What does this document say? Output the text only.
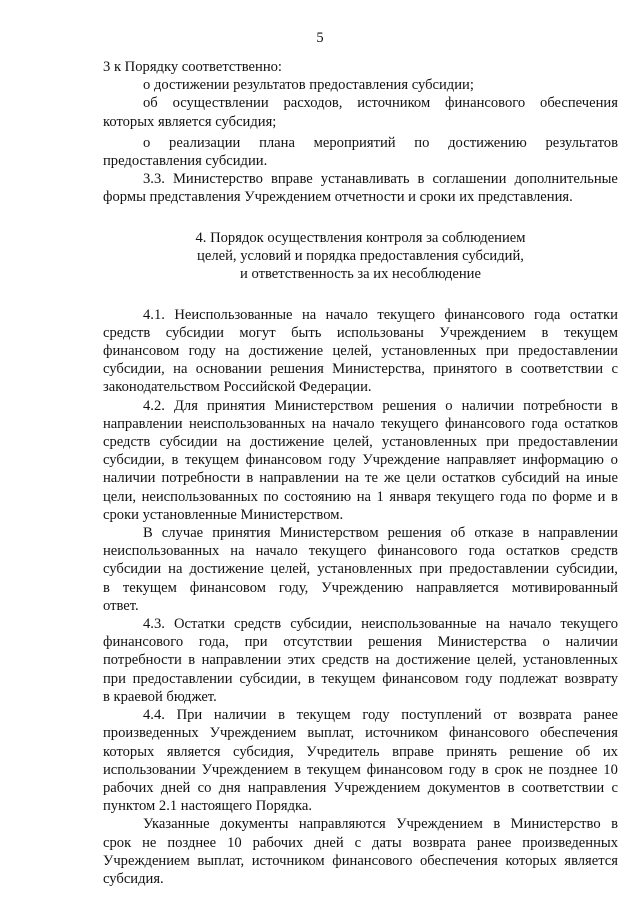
5
3 к Порядку соответственно:
о достижении результатов предоставления субсидии;
об осуществлении расходов, источником финансового обеспечения
которых является субсидия;
о реализации плана мероприятий по достижению результатов
предоставления субсидии.
3.3. Министерство вправе устанавливать в соглашении дополнительные
формы представления Учреждением отчетности и сроки их представления.
4. Порядок осуществления контроля за соблюдением
целей, условий и порядка предоставления субсидий,
и ответственность за их несоблюдение
4.1. Неиспользованные на начало текущего финансового года остатки
средств субсидии могут быть использованы Учреждением в текущем
финансовом году на достижение целей, установленных при предоставлении
субсидии, на основании решения Министерства, принятого в соответствии с
законодательством Российской Федерации.
4.2. Для принятия Министерством решения о наличии потребности в
направлении неиспользованных на начало текущего финансового года остатков
средств субсидии на достижение целей, установленных при предоставлении
субсидии, в текущем финансовом году Учреждение направляет информацию о
наличии потребности в направлении на те же цели остатков субсидий на иные
цели, неиспользованных по состоянию на 1 января текущего года по форме и в
сроки установленные Министерством.
В случае принятия Министерством решения об отказе в направлении
неиспользованных на начало текущего финансового года остатков средств
субсидии на достижение целей, установленных при предоставлении субсидии,
в текущем финансовом году, Учреждению направляется мотивированный
ответ.
4.3. Остатки средств субсидии, неиспользованные на начало текущего
финансового года, при отсутствии решения Министерства о наличии
потребности в направлении этих средств на достижение целей, установленных
при предоставлении субсидии, в текущем финансовом году подлежат возврату
в краевой бюджет.
4.4. При наличии в текущем году поступлений от возврата ранее
произведенных Учреждением выплат, источником финансового обеспечения
которых является субсидия, Учредитель вправе принять решение об их
использовании Учреждением в текущем финансовом году в срок не позднее 10
рабочих дней со дня направления Учреждением документов в соответствии с
пунктом 2.1 настоящего Порядка.
Указанные документы направляются Учреждением в Министерство в
срок не позднее 10 рабочих дней с даты возврата ранее произведенных
Учреждением выплат, источником финансового обеспечения которых является
субсидия.
